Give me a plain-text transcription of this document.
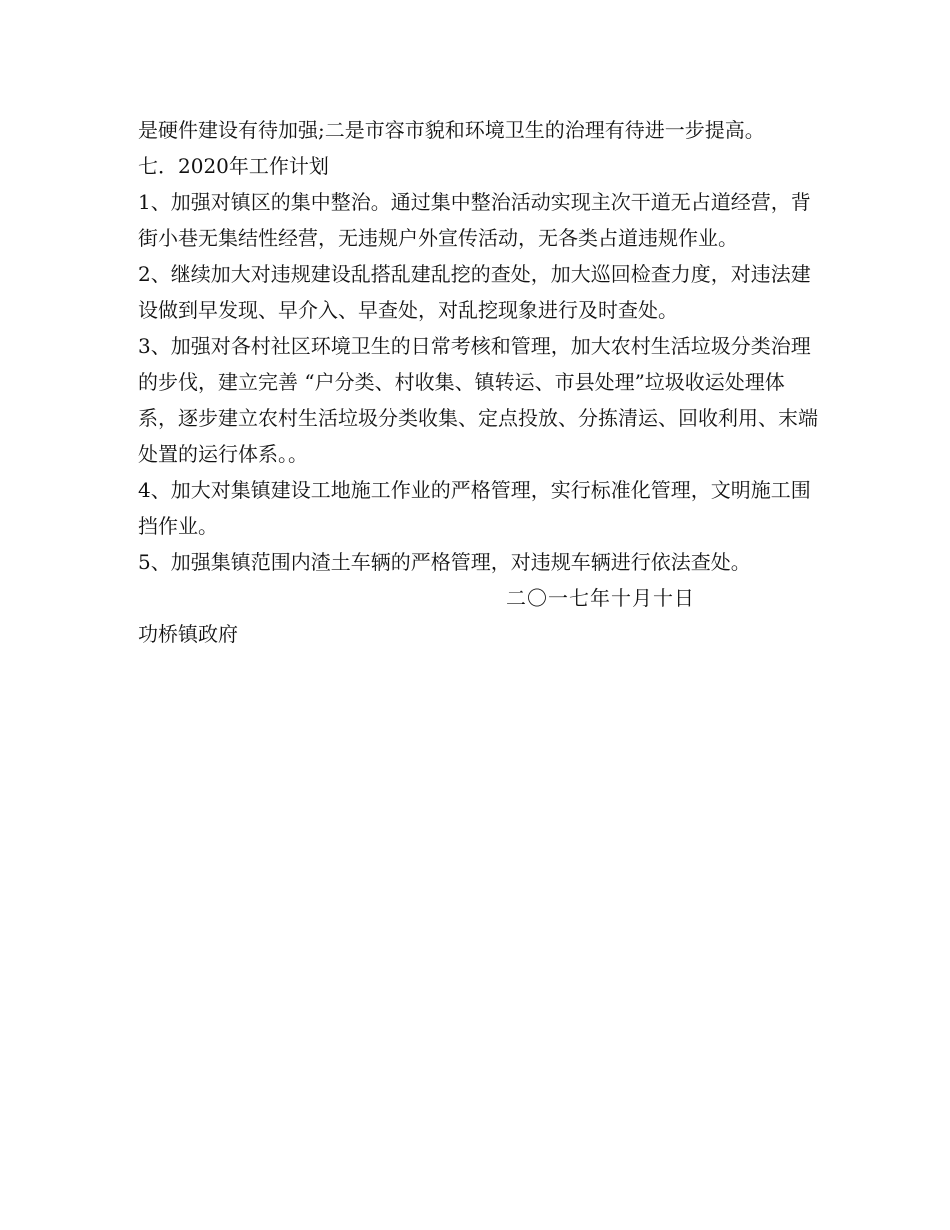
是硬件建设有待加强;二是市容市貌和环境卫生的治理有待进一步提高。

七．2020年工作计划

1、加强对镇区的集中整治。通过集中整治活动实现主次干道无占道经营，背街小巷无集结性经营，无违规户外宣传活动，无各类占道违规作业。

2、继续加大对违规建设乱搭乱建乱挖的查处，加大巡回检查力度，对违法建设做到早发现、早介入、早查处，对乱挖现象进行及时查处。

3、加强对各村社区环境卫生的日常考核和管理，加大农村生活垃圾分类治理的步伐，建立完善 “户分类、村收集、镇转运、市县处理”垃圾收运处理体系，逐步建立农村生活垃圾分类收集、定点投放、分拣清运、回收利用、末端处置的运行体系。。

4、加大对集镇建设工地施工作业的严格管理，实行标准化管理，文明施工围挡作业。

5、加强集镇范围内渣土车辆的严格管理，对违规车辆进行依法查处。

二〇一七年十月十日

功桥镇政府
